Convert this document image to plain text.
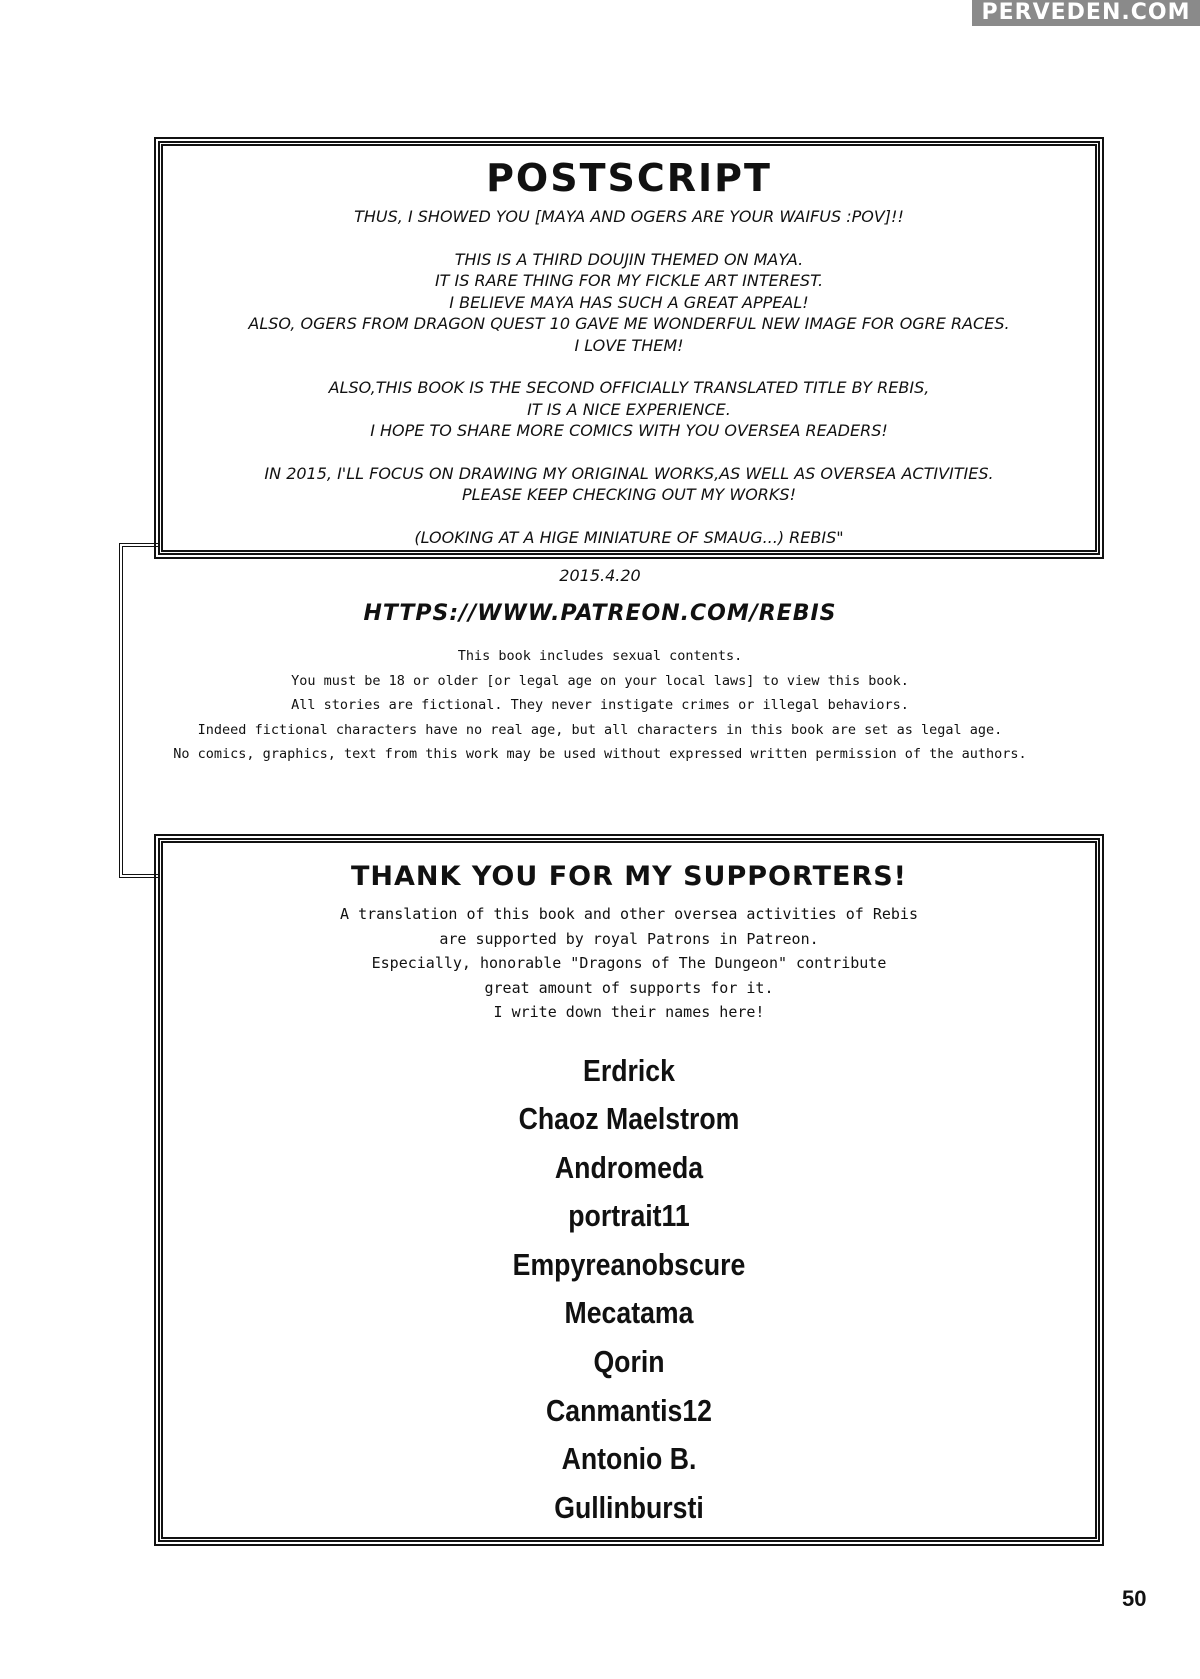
PERVEDEN.COM
POSTSCRIPT
THUS, I SHOWED YOU [MAYA AND OGERS ARE YOUR WAIFUS :POV]!!
THIS IS A THIRD DOUJIN THEMED ON MAYA.
IT IS RARE THING FOR MY FICKLE ART INTEREST.
I BELIEVE MAYA HAS SUCH A GREAT APPEAL!
ALSO, OGERS FROM DRAGON QUEST 10 GAVE ME WONDERFUL NEW IMAGE FOR OGRE RACES.
I LOVE THEM!
ALSO,THIS BOOK IS THE SECOND OFFICIALLY TRANSLATED TITLE BY REBIS,
IT IS A NICE EXPERIENCE.
I HOPE TO SHARE MORE COMICS WITH YOU OVERSEA READERS!
IN 2015, I'LL FOCUS ON DRAWING MY ORIGINAL WORKS,AS WELL AS OVERSEA ACTIVITIES.
PLEASE KEEP CHECKING OUT MY WORKS!
(LOOKING AT A HIGE MINIATURE OF SMAUG...) REBIS"
2015.4.20
HTTPS://WWW.PATREON.COM/REBIS
This book includes sexual contents.
You must be 18 or older [or legal age on your local laws] to view this book.
All stories are fictional. They never instigate crimes or illegal behaviors.
Indeed fictional characters have no real age, but all characters in this book are set as legal age.
No comics, graphics, text from this work may be used without expressed written permission of the authors.
THANK YOU FOR MY SUPPORTERS!
A translation of this book and other oversea activities of Rebis
are supported by royal Patrons in Patreon.
Especially, honorable "Dragons of The Dungeon" contribute
great amount of supports for it.
I write down their names here!
Erdrick
Chaoz Maelstrom
Andromeda
portrait11
Empyreanobscure
Mecatama
Qorin
Canmantis12
Antonio B.
Gullinbursti
50
